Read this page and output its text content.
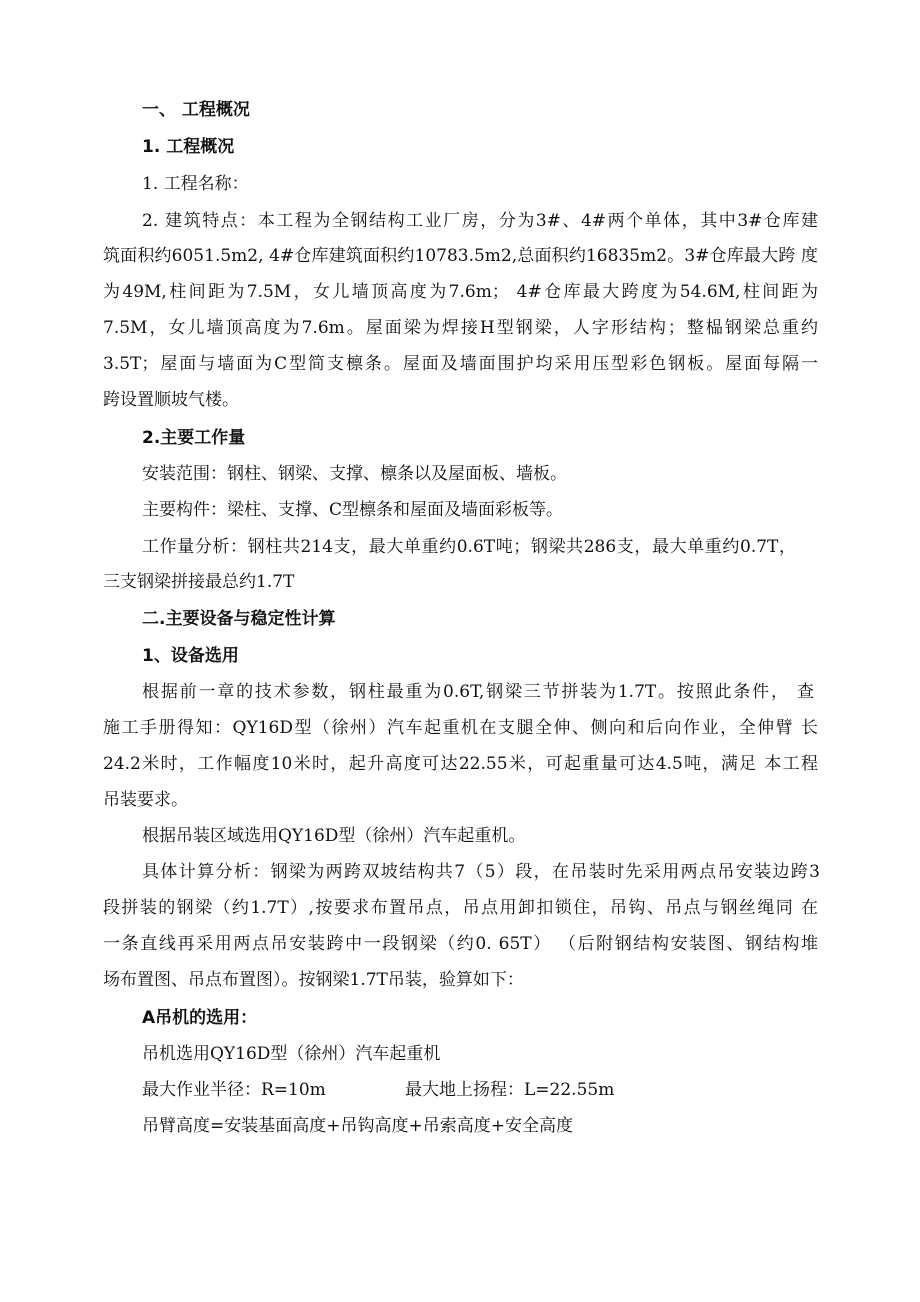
一、 工程概况
1. 工程概况
1. 工程名称：
2. 建筑特点：本工程为全钢结构工业厂房，分为3#、4#两个单体，其中3#仓库建
筑面积约6051.5m2, 4#仓库建筑面积约10783.5m2,总面积约16835m2。3#仓库最大跨 度
为49M,柱间距为7.5M，女儿墙顶高度为7.6m； 4#仓库最大跨度为54.6M,柱间距为
7.5M，女儿墙顶高度为7.6m。屋面梁为焊接H型钢梁，人字形结构；整榀钢梁总重约
3.5T；屋面与墙面为C型简支檩条。屋面及墙面围护均采用压型彩色钢板。屋面每隔一
跨设置顺坡气楼。
2.主要工作量
安装范围：钢柱、钢梁、支撑、檩条以及屋面板、墙板。
主要构件：梁柱、支撑、C型檩条和屋面及墙面彩板等。
工作量分析：钢柱共214支，最大单重约0.6T吨；钢梁共286支，最大单重约0.7T，
三支钢梁拼接最总约1.7T
二.主要设备与稳定性计算
1、设备选用
根据前一章的技术参数，钢柱最重为0.6T,钢梁三节拼装为1.7T。按照此条件， 查
施工手册得知：QY16D型（徐州）汽车起重机在支腿全伸、侧向和后向作业，全伸臂 长
24.2米时，工作幅度10米时，起升高度可达22.55米，可起重量可达4.5吨，满足 本工程
吊装要求。
根据吊装区域选用QY16D型（徐州）汽车起重机。
具体计算分析：钢梁为两跨双坡结构共7（5）段，在吊装时先采用两点吊安装边跨3
段拼装的钢梁（约1.7T）,按要求布置吊点，吊点用卸扣锁住，吊钩、吊点与钢丝绳同 在
一条直线再采用两点吊安装跨中一段钢梁（约0. 65T） （后附钢结构安装图、钢结构堆
场布置图、吊点布置图）。按钢梁1.7T吊装，验算如下：
A吊机的选用：
吊机选用QY16D型（徐州）汽车起重机
最大作业半径：R=10m	最大地上扬程：L=22.55m
吊臂高度=安装基面高度+吊钩高度+吊索高度+安全高度
